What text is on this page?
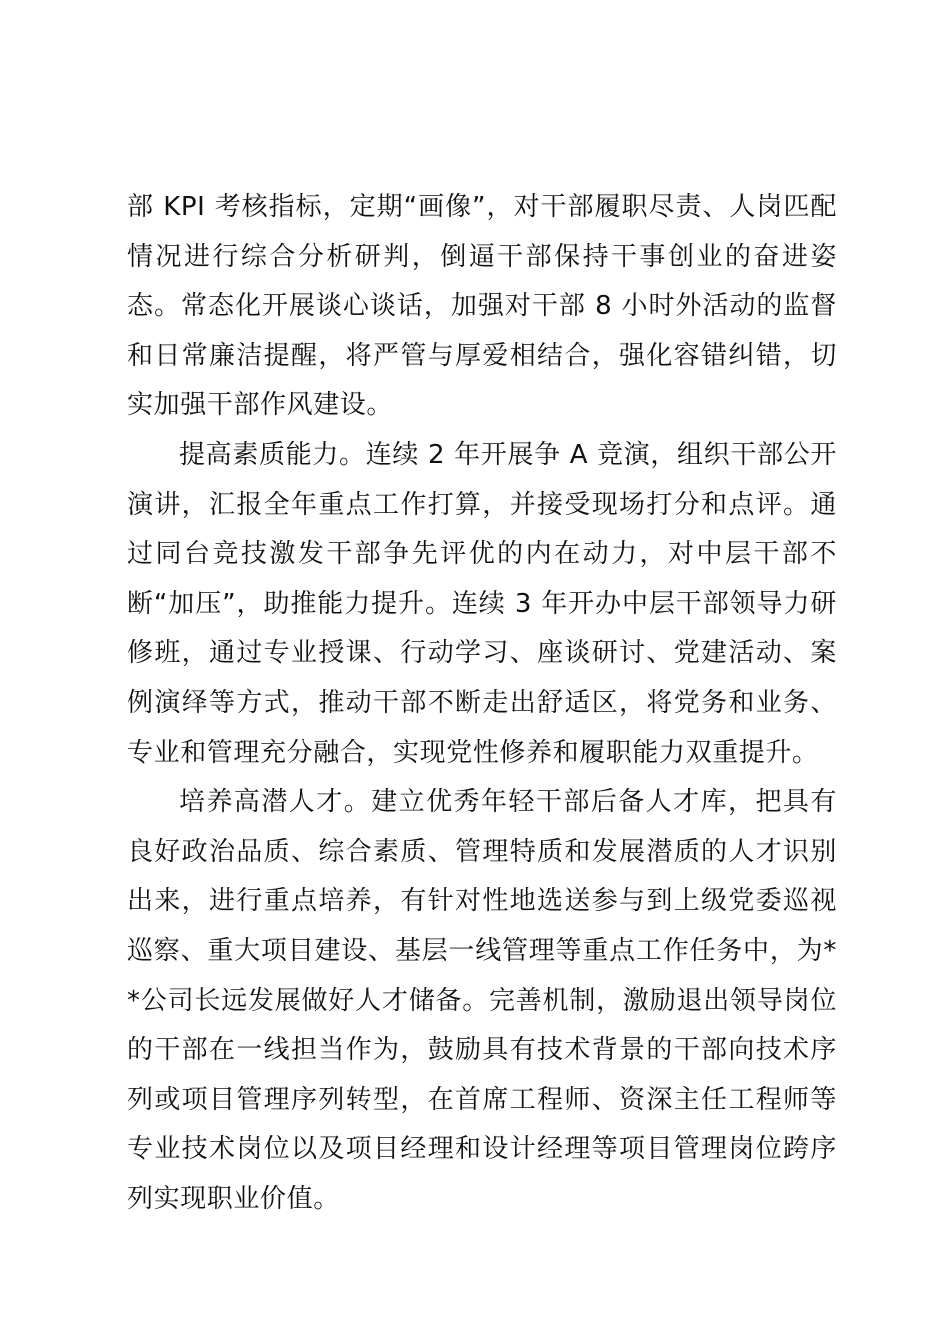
部 KPI 考核指标，定期“画像”，对干部履职尽责、人岗匹配情况进行综合分析研判，倒逼干部保持干事创业的奋进姿态。常态化开展谈心谈话，加强对干部 8 小时外活动的监督和日常廉洁提醒，将严管与厚爱相结合，强化容错纠错，切实加强干部作风建设。

提高素质能力。连续 2 年开展争 A 竞演，组织干部公开演讲，汇报全年重点工作打算，并接受现场打分和点评。通过同台竞技激发干部争先评优的内在动力，对中层干部不断“加压”，助推能力提升。连续 3 年开办中层干部领导力研修班，通过专业授课、行动学习、座谈研讨、党建活动、案例演绎等方式，推动干部不断走出舒适区，将党务和业务、专业和管理充分融合，实现党性修养和履职能力双重提升。

培养高潜人才。建立优秀年轻干部后备人才库，把具有良好政治品质、综合素质、管理特质和发展潜质的人才识别出来，进行重点培养，有针对性地选送参与到上级党委巡视巡察、重大项目建设、基层一线管理等重点工作任务中，为**公司长远发展做好人才储备。完善机制，激励退出领导岗位的干部在一线担当作为，鼓励具有技术背景的干部向技术序列或项目管理序列转型，在首席工程师、资深主任工程师等专业技术岗位以及项目经理和设计经理等项目管理岗位跨序列实现职业价值。
